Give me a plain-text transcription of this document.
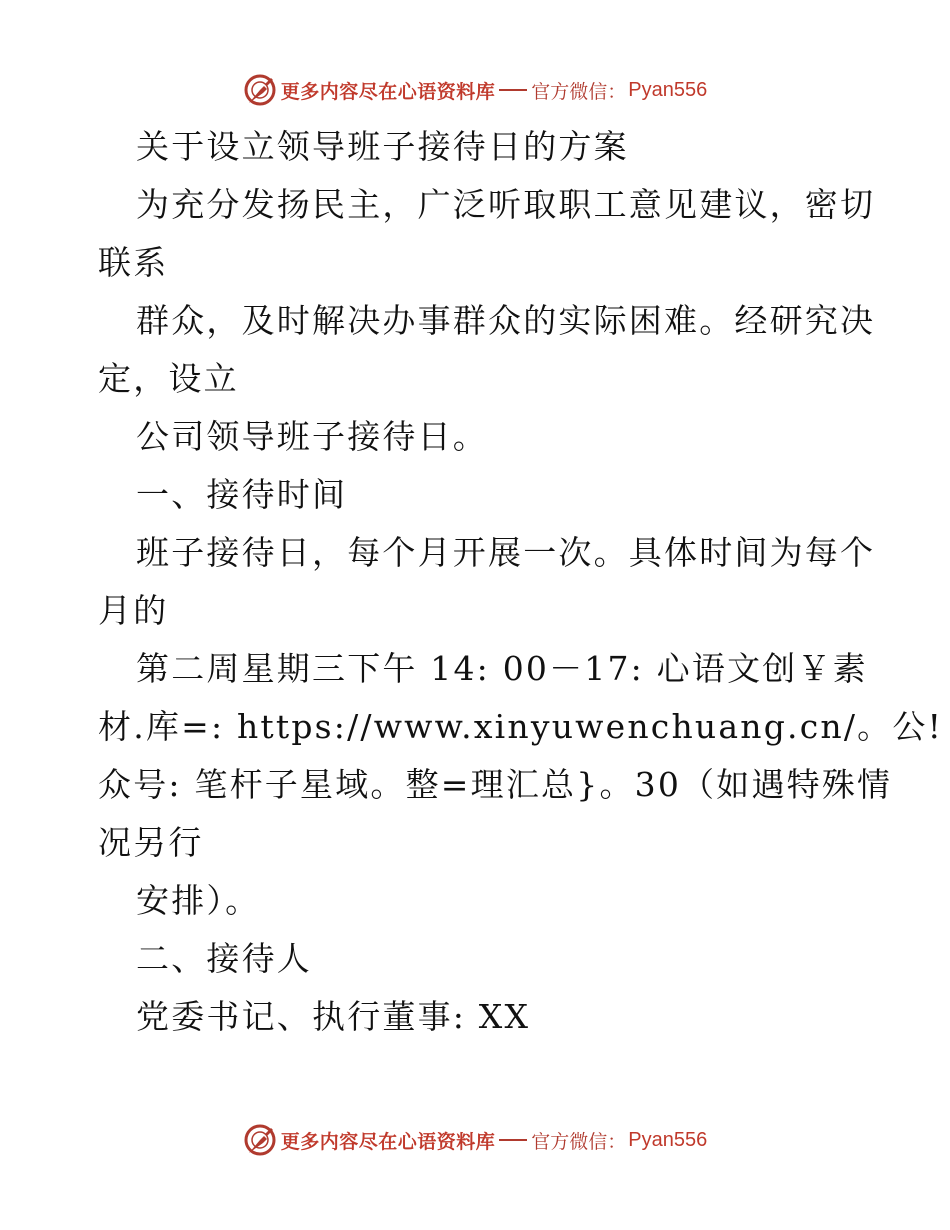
更多内容尽在心语资料库 官方微信： Pyan556
关于设立领导班子接待日的方案
为充分发扬民主，广泛听取职工意见建议，密切
联系
群众，及时解决办事群众的实际困难。经研究决
定，设立
公司领导班子接待日。
一、接待时间
班子接待日，每个月开展一次。具体时间为每个
月的
第二周星期三下午 14: 00－17: 心语文创￥素
材.库=: https://www.xinyuwenchuang.cn/。公!
众号: 笔杆子星域。整=理汇总}。30（如遇特殊情
况另行
安排）。
二、接待人
党委书记、执行董事: XX
更多内容尽在心语资料库 官方微信： Pyan556
